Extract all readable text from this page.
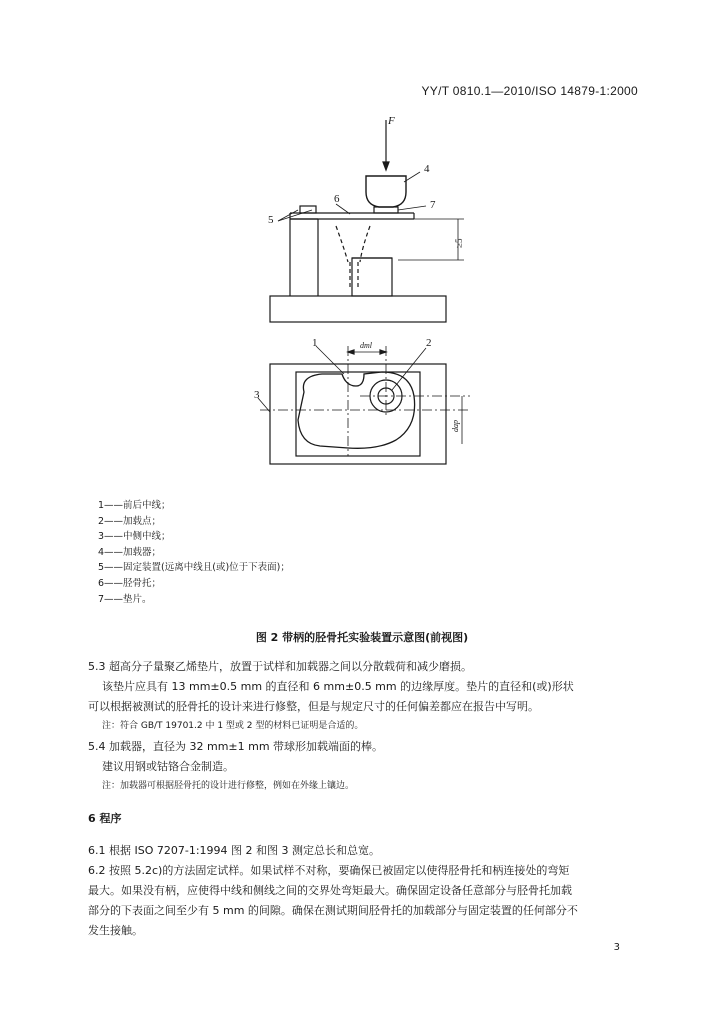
YY/T 0810.1—2010/ISO 14879-1:2000
F
4
6	7
5
≥5
1	2
3
dml
dap
1——前后中线；
2——加载点；
3——中侧中线；
4——加载器；
5——固定装置(远离中线且(或)位于下表面)；
6——胫骨托；
7——垫片。
图 2 带柄的胫骨托实验装置示意图(前视图)
5.3 超高分子量聚乙烯垫片，放置于试样和加载器之间以分散载荷和减少磨损。
该垫片应具有 13 mm±0.5 mm 的直径和 6 mm±0.5 mm 的边缘厚度。垫片的直径和(或)形状
可以根据被测试的胫骨托的设计来进行修整，但是与规定尺寸的任何偏差都应在报告中写明。
注：符合 GB/T 19701.2 中 1 型或 2 型的材料已证明是合适的。
5.4 加载器，直径为 32 mm±1 mm 带球形加载端面的棒。
建议用钢或钴铬合金制造。
注：加载器可根据胫骨托的设计进行修整，例如在外缘上镶边。
6 程序
6.1 根据 ISO 7207-1:1994 图 2 和图 3 测定总长和总宽。
6.2 按照 5.2c)的方法固定试样。如果试样不对称，要确保已被固定以使得胫骨托和柄连接处的弯矩
最大。如果没有柄，应使得中线和侧线之间的交界处弯矩最大。确保固定设备任意部分与胫骨托加载
部分的下表面之间至少有 5 mm 的间隙。确保在测试期间胫骨托的加载部分与固定装置的任何部分不
发生接触。
3
